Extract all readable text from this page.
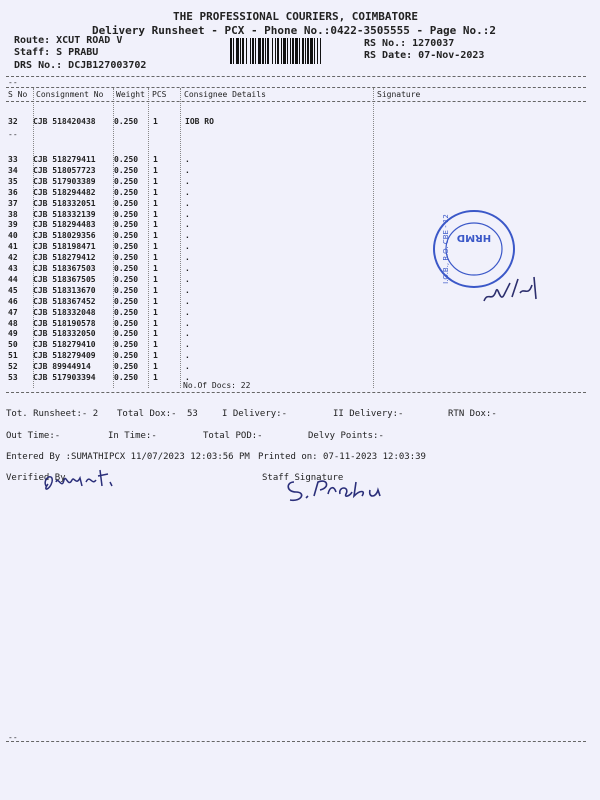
THE PROFESSIONAL COURIERS, COIMBATORE
Delivery Runsheet - PCX - Phone No.:0422-3505555 - Page No.:2
Route: XCUT ROAD V
Staff: S PRABU
DRS No.: DCJB127003702
RS No.: 1270037
RS Date: 07-Nov-2023
--
S No Consignment No Weight PCS Consignee Details	Signature
32 CJB 518420438 0.250 1	IOB RO
--
33 CJB 518279411 0.250 1	.
34 CJB 518057723 0.250 1	.
35 CJB 517903389 0.250 1	.
36 CJB 518294482 0.250 1	.
37 CJB 518332051 0.250 1	.
38 CJB 518332139 0.250 1	.
39 CJB 518294483 0.250 1	.
40 CJB 518029356 0.250 1	.
41 CJB 518198471 0.250 1	.
42 CJB 518279412 0.250 1	.
43 CJB 518367503 0.250 1	.
44 CJB 518367505 0.250 1	.
45 CJB 518313670 0.250 1	.
46 CJB 518367452 0.250 1	.
47 CJB 518332048 0.250 1	.
48 CJB 518190578 0.250 1	.
49 CJB 518332050 0.250 1	.
50 CJB 518279410 0.250 1	.
51 CJB 518279409 0.250 1	.
52 CJB 89944914	0.250 1	.
53 CJB 517903394 0.250 1	.
No.Of Docs: 22
HRMD
I.O.B., R.O. CBE - 12
Tot. Runsheet:- 2 Total Dox:- 53	I Delivery:-	II Delivery:-	RTN Dox:-
Out Time:-	In Time:-	Total POD:-	Delvy Points:-
Entered By :SUMATHIPCX 11/07/2023 12:03:56 PM Printed on: 07-11-2023 12:03:39
Verified By	Staff Signature
--
